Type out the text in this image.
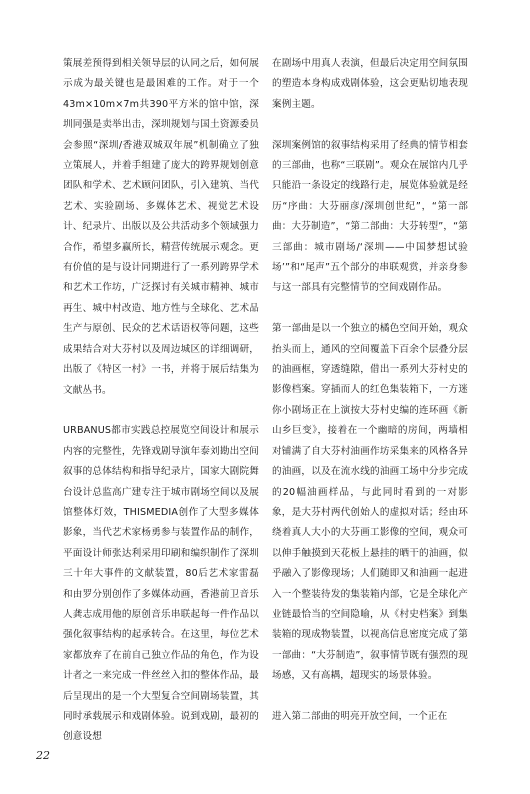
策展差预得到相关领导层的认同之后，如何展示成为最关键也是最困难的工作。对于一个43m×10m×7m共390平方米的馆中馆，深圳同强是卖举出击，深圳规划与国土资源委员会参照“深圳/香港双城双年展”机制确立了独立策展人，并着手组建了庞大的跨界规划创意团队和学术、艺术顾问团队，引入建筑、当代艺术、实验剧场、多媒体艺术、视觉艺术设计、纪录片、出版以及公共活动多个领域强力合作，希望多赢所长，精营传统展示观念。更有价值的是与设计同期进行了一系列跨界学术和艺术工作坊，广泛探讨有关城市精神、城市再生、城中村改造、地方性与全球化、艺术品生产与原创、民众的艺术话语权等问题，这些成果结合对大芬村以及周边城区的详细调研，出版了《特区一村》一书，并将于展后结集为文献丛书。

URBANUS都市实践总控展览空间设计和展示内容的完整性，先锋戏剧导演年泰刘勘出空间叙事的总体结构和指导纪录片，国家大剧院舞台设计总监高广建专注于城市剧场空间以及展馆整体灯效，THISMEDIA创作了大型多媒体影象，当代艺术家杨勇参与装置作品的制作，平面设计师张达利采用印刷和编织制作了深圳三十年大事件的文献装置，80后艺术家雷磊和由罗分别创作了多媒体动画，香港前卫音乐人龚志成用他的原创音乐串联起每一件作品以强化叙事结构的起承转合。在这里，每位艺术家都放弃了在前自己独立作品的角色，作为设计者之一来完成一件丝丝入扣的整体作品，最后呈现出的是一个大型复合空间剧场装置，其同时承载展示和戏剧体验。说到戏剧，最初的创意设想

在剧场中用真人表演，但最后决定用空间氛围的塑造本身构成戏剧体验，这会更贴切地表现案例主题。

深圳案例馆的叙事结构采用了经典的情节相套的三部曲，也称“三联剧”。观众在展馆内几乎只能沿一条设定的线路行走，展览体验就是经历“序曲：大芬丽彦/深圳创世纪”，“第一部曲：大芬制造”，“第二部曲：大芬转型”，“第三部曲：城市剧场/‘深圳——中国梦想试验场’”和“尾声”五个部分的串联观赏，并亲身参与这一部具有完整情节的空间戏剧作品。

第一部曲是以一个独立的橘色空间开始，观众抬头而上，通风的空间覆盖下百余个层叠分层的油画框，穿透缝隙，借出一系列大芬村史的影像档案。穿插而人的红色集装箱下，一方迷你小剧场正在上演按大芬村史编的连环画《新山乡巨变》，接着在一个幽暗的房间，两墙相对铺满了自大芬村油画作坊采集来的风格各异的油画，以及在流水线的油画工场中分步完成的20幅油画样品，与此同时看到的一对影象，是大芬村两代创始人的虚拟对话；经由环绕着真人大小的大芬画工影像的空间，观众可以伸手触摸到天花板上悬挂的晒干的油画，似乎融入了影像现场；人们随即又和油画一起进入一个整装待发的集装箱内部，它是全球化产业链最恰当的空间隐喻，从《村史档案》到集装箱的现成物装置，以视高信息密度完成了第一部曲：“大芬制造”，叙事情节既有强烈的现场感，又有高耦，超现实的场景体验。

进入第二部曲的明亮开放空间，一个正在

22
